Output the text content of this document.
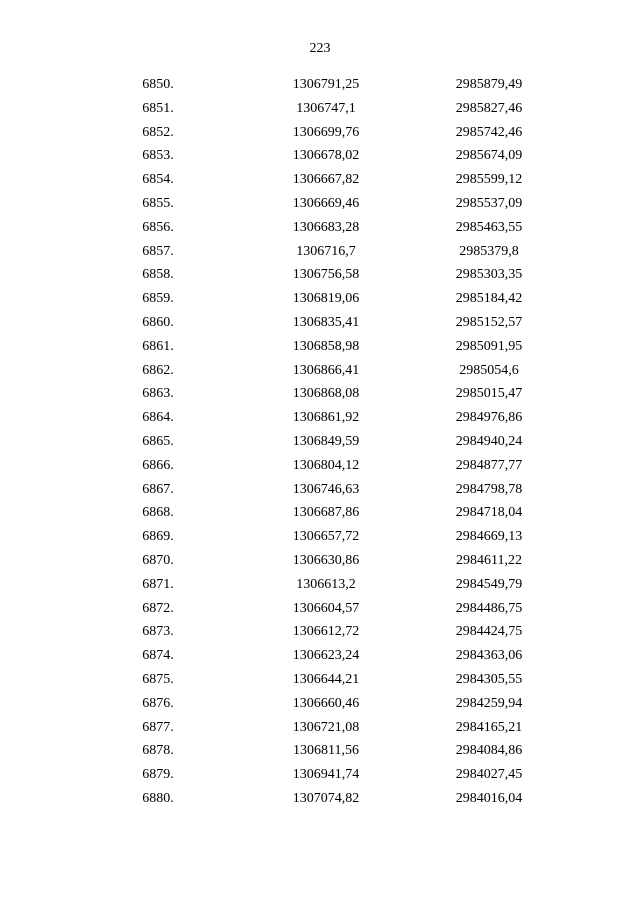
223
6850.	1306791,25	2985879,49
6851.	1306747,1	2985827,46
6852.	1306699,76	2985742,46
6853.	1306678,02	2985674,09
6854.	1306667,82	2985599,12
6855.	1306669,46	2985537,09
6856.	1306683,28	2985463,55
6857.	1306716,7	2985379,8
6858.	1306756,58	2985303,35
6859.	1306819,06	2985184,42
6860.	1306835,41	2985152,57
6861.	1306858,98	2985091,95
6862.	1306866,41	2985054,6
6863.	1306868,08	2985015,47
6864.	1306861,92	2984976,86
6865.	1306849,59	2984940,24
6866.	1306804,12	2984877,77
6867.	1306746,63	2984798,78
6868.	1306687,86	2984718,04
6869.	1306657,72	2984669,13
6870.	1306630,86	2984611,22
6871.	1306613,2	2984549,79
6872.	1306604,57	2984486,75
6873.	1306612,72	2984424,75
6874.	1306623,24	2984363,06
6875.	1306644,21	2984305,55
6876.	1306660,46	2984259,94
6877.	1306721,08	2984165,21
6878.	1306811,56	2984084,86
6879.	1306941,74	2984027,45
6880.	1307074,82	2984016,04
